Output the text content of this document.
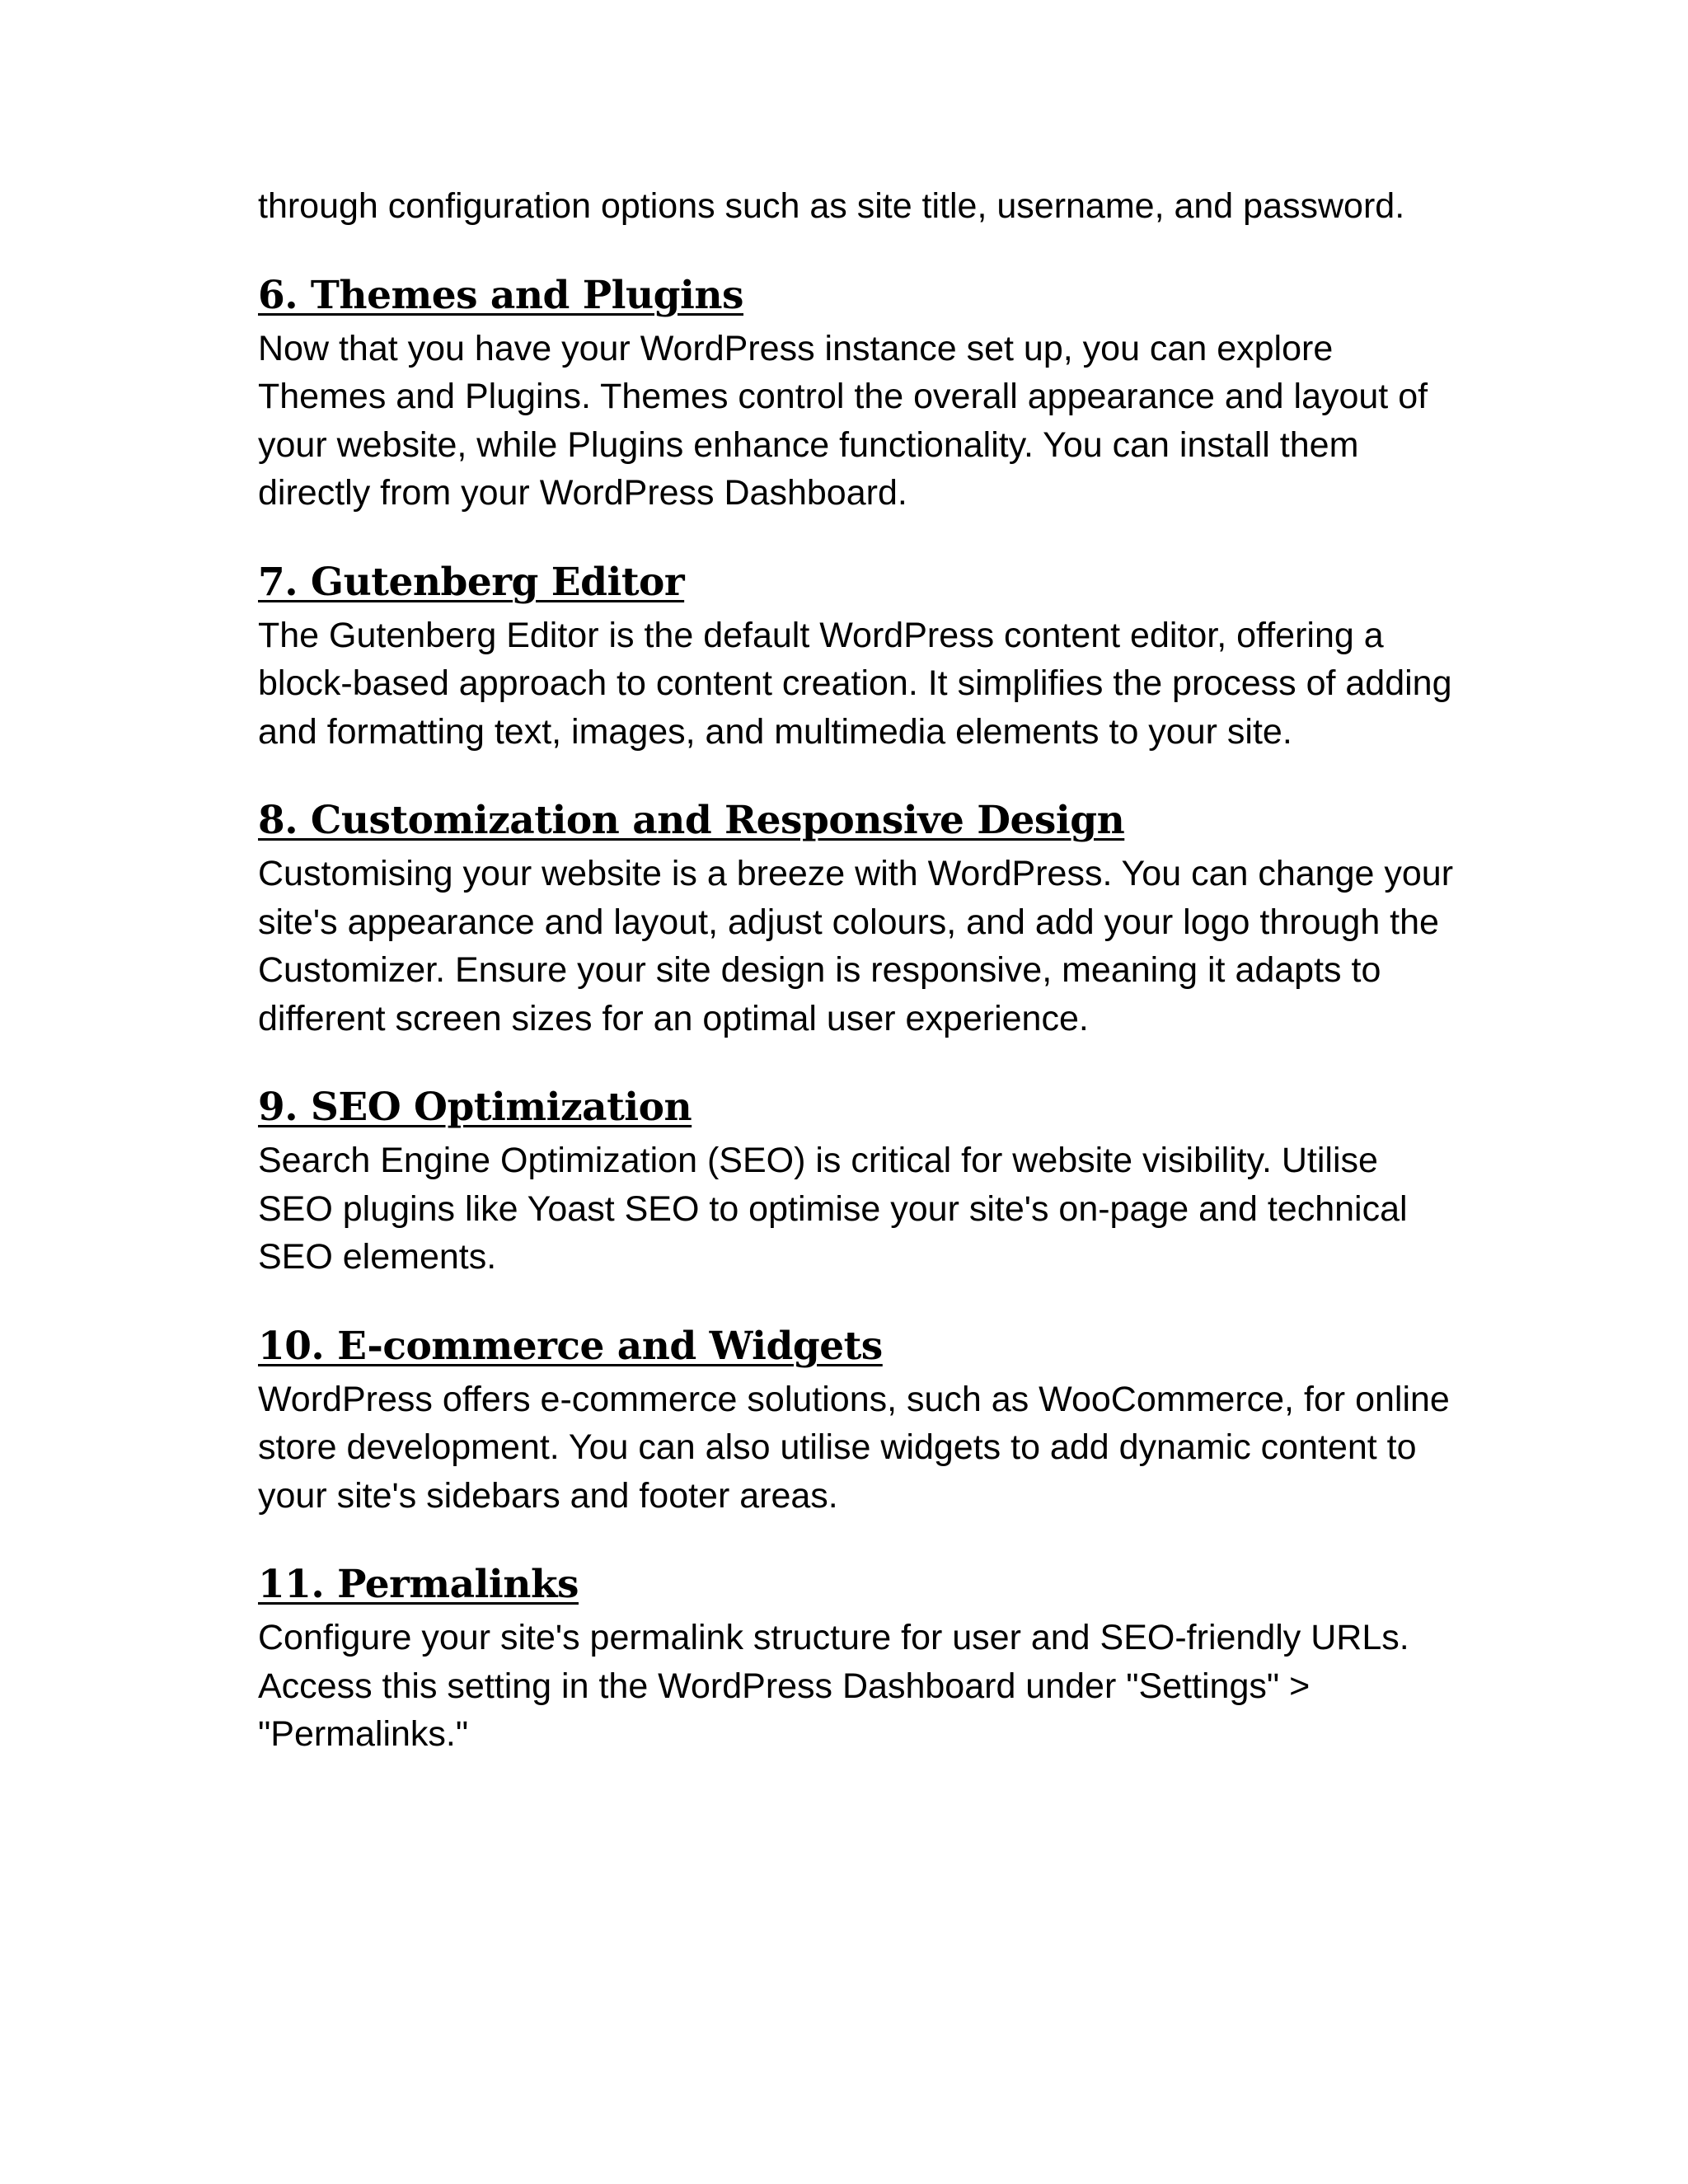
through configuration options such as site title, username, and password.

6. Themes and Plugins

Now that you have your WordPress instance set up, you can explore Themes and Plugins. Themes control the overall appearance and layout of your website, while Plugins enhance functionality. You can install them directly from your WordPress Dashboard.

7. Gutenberg Editor

The Gutenberg Editor is the default WordPress content editor, offering a block-based approach to content creation. It simplifies the process of adding and formatting text, images, and multimedia elements to your site.

8. Customization and Responsive Design

Customising your website is a breeze with WordPress. You can change your site's appearance and layout, adjust colours, and add your logo through the Customizer. Ensure your site design is responsive, meaning it adapts to different screen sizes for an optimal user experience.

9. SEO Optimization

Search Engine Optimization (SEO) is critical for website visibility. Utilise SEO plugins like Yoast SEO to optimise your site's on-page and technical SEO elements.

10. E-commerce and Widgets

WordPress offers e-commerce solutions, such as WooCommerce, for online store development. You can also utilise widgets to add dynamic content to your site's sidebars and footer areas.

11. Permalinks

Configure your site's permalink structure for user and SEO-friendly URLs. Access this setting in the WordPress Dashboard under "Settings" > "Permalinks."
